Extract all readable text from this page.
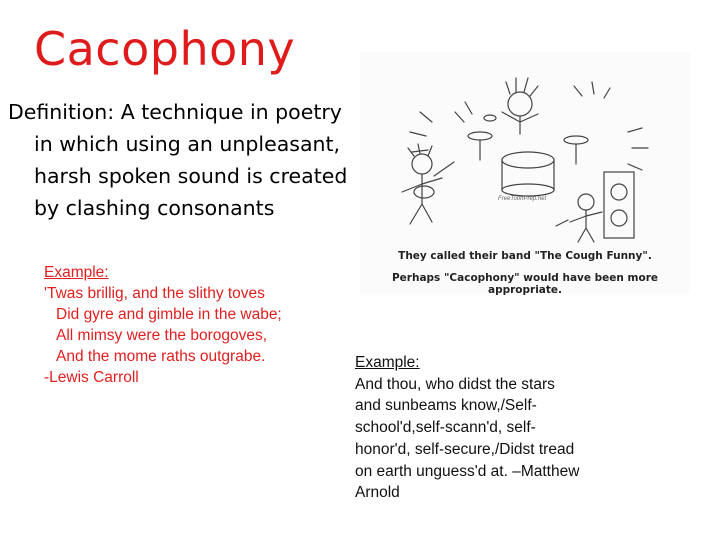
Cacophony
Definition: A technique in poetry
in which using an unpleasant,
harsh spoken sound is created
by clashing consonants
Example:
'Twas brillig, and the slithy toves
Did gyre and gimble in the wabe;
All mimsy were the borogoves,
And the mome raths outgrabe.
-Lewis Carroll
FreeToonPrep.net
They called their band "The Cough Funny".
Perhaps "Cacophony" would have been more appropriate.
Example:
And thou, who didst the stars
and sunbeams know,/Self-
school'd,self-scann'd, self-
honor'd, self-secure,/Didst tread
on earth unguess'd at. –Matthew
Arnold
